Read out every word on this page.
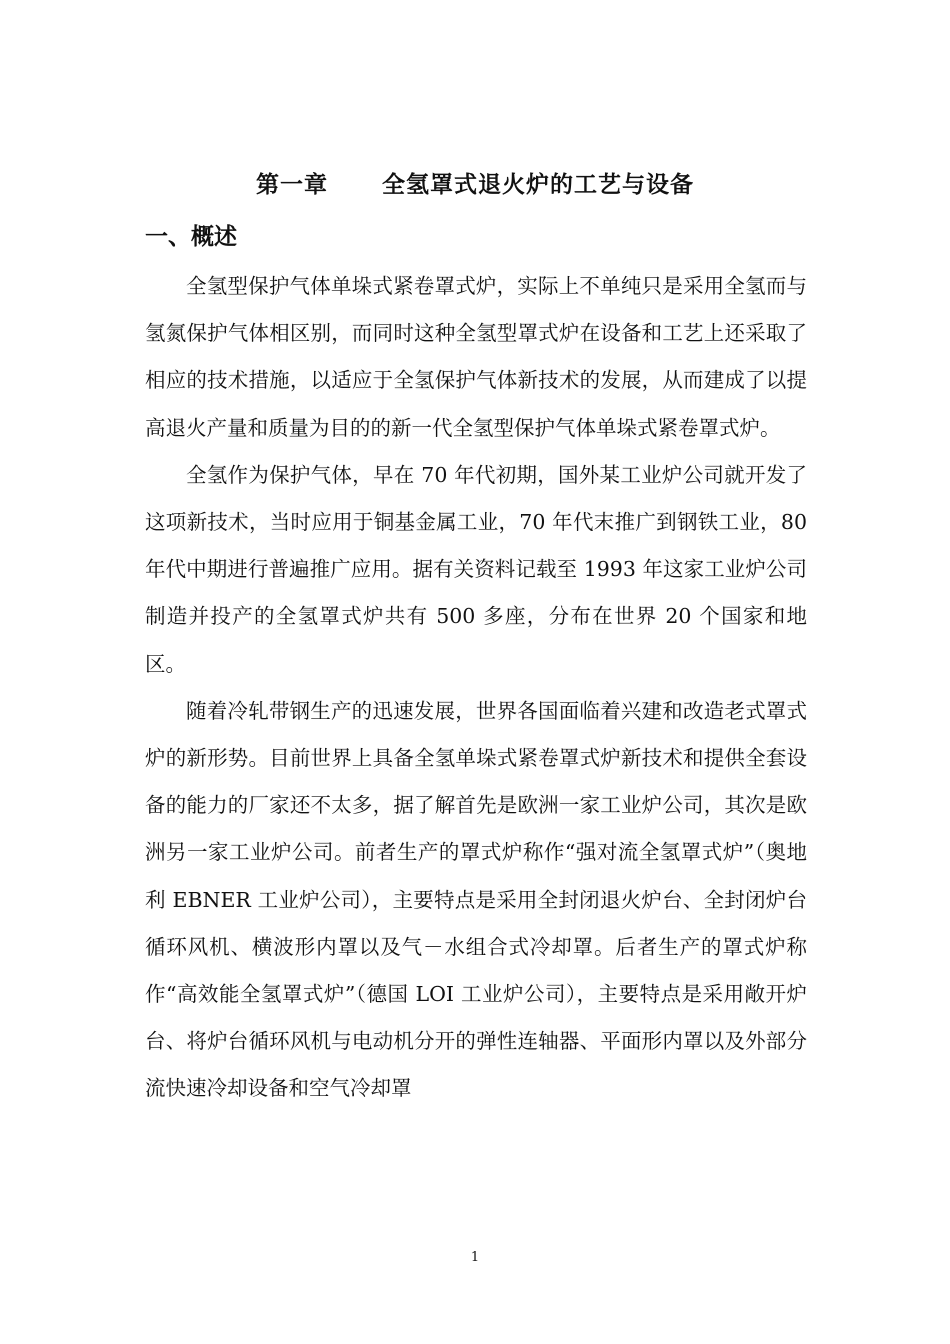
第一章 全氢罩式退火炉的工艺与设备
一、概述

全氢型保护气体单垛式紧卷罩式炉，实际上不单纯只是采用全氢而与氢氮保护气体相区别，而同时这种全氢型罩式炉在设备和工艺上还采取了相应的技术措施，以适应于全氢保护气体新技术的发展，从而建成了以提高退火产量和质量为目的的新一代全氢型保护气体单垛式紧卷罩式炉。

全氢作为保护气体，早在 70 年代初期，国外某工业炉公司就开发了这项新技术，当时应用于铜基金属工业，70 年代末推广到钢铁工业，80 年代中期进行普遍推广应用。据有关资料记载至 1993 年这家工业炉公司制造并投产的全氢罩式炉共有 500 多座，分布在世界 20 个国家和地区。

随着冷轧带钢生产的迅速发展，世界各国面临着兴建和改造老式罩式炉的新形势。目前世界上具备全氢单垛式紧卷罩式炉新技术和提供全套设备的能力的厂家还不太多，据了解首先是欧洲一家工业炉公司，其次是欧洲另一家工业炉公司。前者生产的罩式炉称作“强对流全氢罩式炉”（奥地利 EBNER 工业炉公司），主要特点是采用全封闭退火炉台、全封闭炉台循环风机、横波形内罩以及气－水组合式冷却罩。后者生产的罩式炉称作“高效能全氢罩式炉”（德国 LOI 工业炉公司），主要特点是采用敞开炉台、将炉台循环风机与电动机分开的弹性连轴器、平面形内罩以及外部分流快速冷却设备和空气冷却罩

1
